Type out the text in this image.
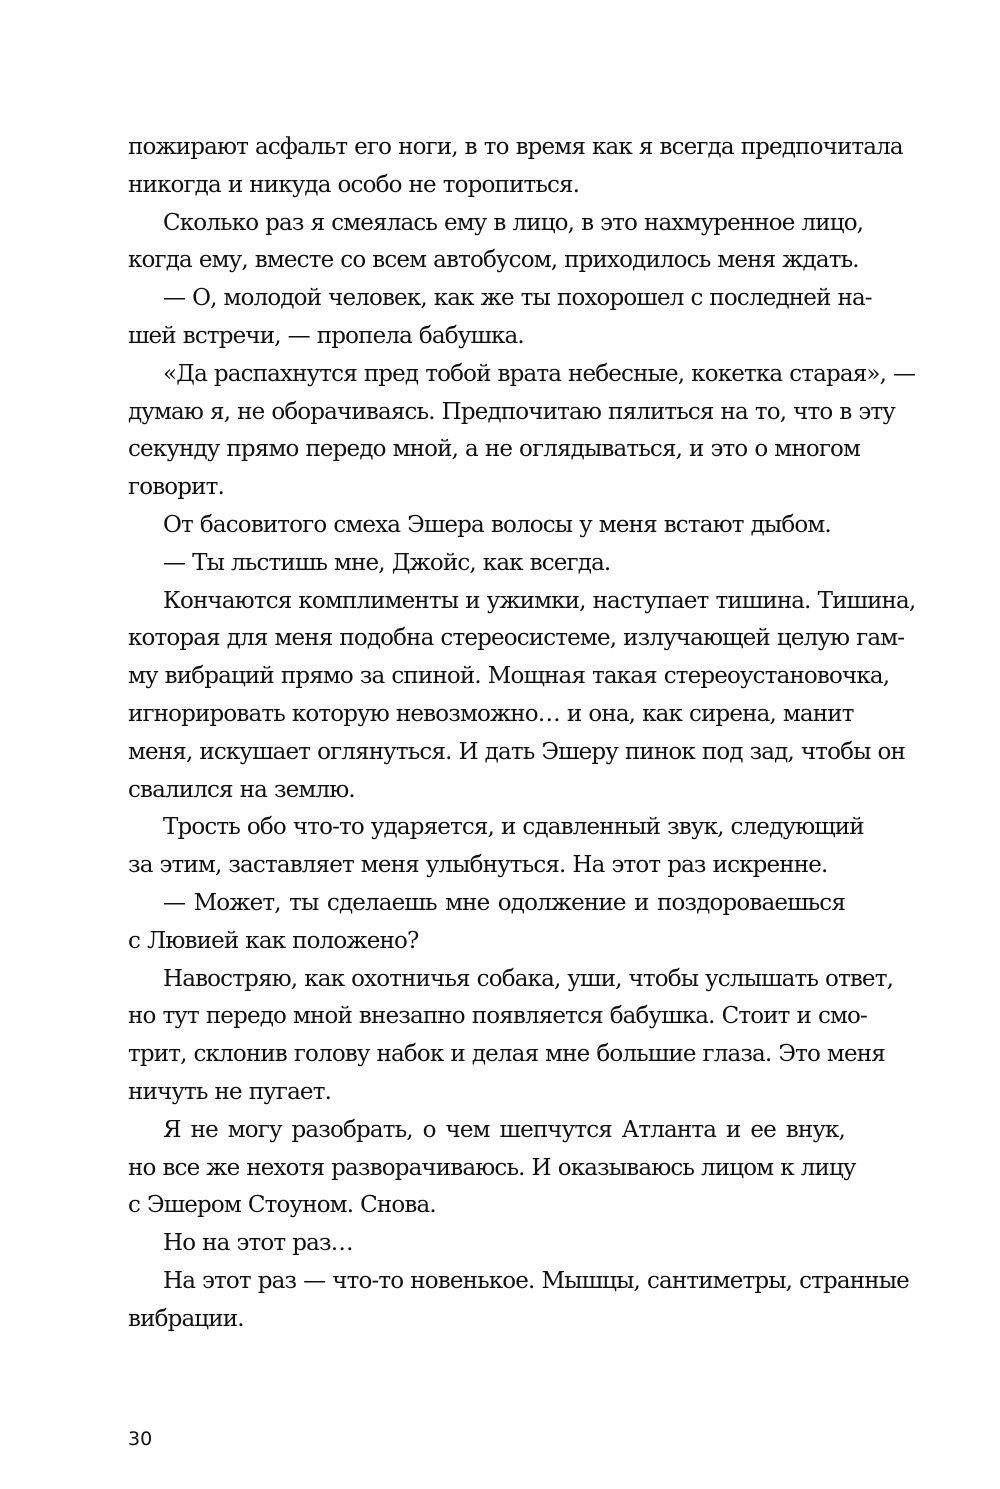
пожирают асфальт его ноги, в то время как я всегда предпочитала
никогда и никуда особо не торопиться.
Сколько раз я смеялась ему в лицо, в это нахмуренное лицо,
когда ему, вместе со всем автобусом, приходилось меня ждать.
— О, молодой человек, как же ты похорошел с последней на-
шей встречи, — пропела бабушка.
«Да распахнутся пред тобой врата небесные, кокетка старая», —
думаю я, не оборачиваясь. Предпочитаю пялиться на то, что в эту
секунду прямо передо мной, а не оглядываться, и это о многом
говорит.
От басовитого смеха Эшера волосы у меня встают дыбом.
— Ты льстишь мне, Джойс, как всегда.
Кончаются комплименты и ужимки, наступает тишина. Тишина,
которая для меня подобна стереосистеме, излучающей целую гам-
му вибраций прямо за спиной. Мощная такая стереоустановочка,
игнорировать которую невозможно… и она, как сирена, манит
меня, искушает оглянуться. И дать Эшеру пинок под зад, чтобы он
свалился на землю.
Трость обо что-то ударяется, и сдавленный звук, следующий
за этим, заставляет меня улыбнуться. На этот раз искренне.
— Может, ты сделаешь мне одолжение и поздороваешься
с Лювией как положено?
Навостряю, как охотничья собака, уши, чтобы услышать ответ,
но тут передо мной внезапно появляется бабушка. Стоит и смо-
трит, склонив голову набок и делая мне большие глаза. Это меня
ничуть не пугает.
Я не могу разобрать, о чем шепчутся Атланта и ее внук,
но все же нехотя разворачиваюсь. И оказываюсь лицом к лицу
с Эшером Стоуном. Снова.
Но на этот раз…
На этот раз — что-то новенькое. Мышцы, сантиметры, странные
вибрации.
30
